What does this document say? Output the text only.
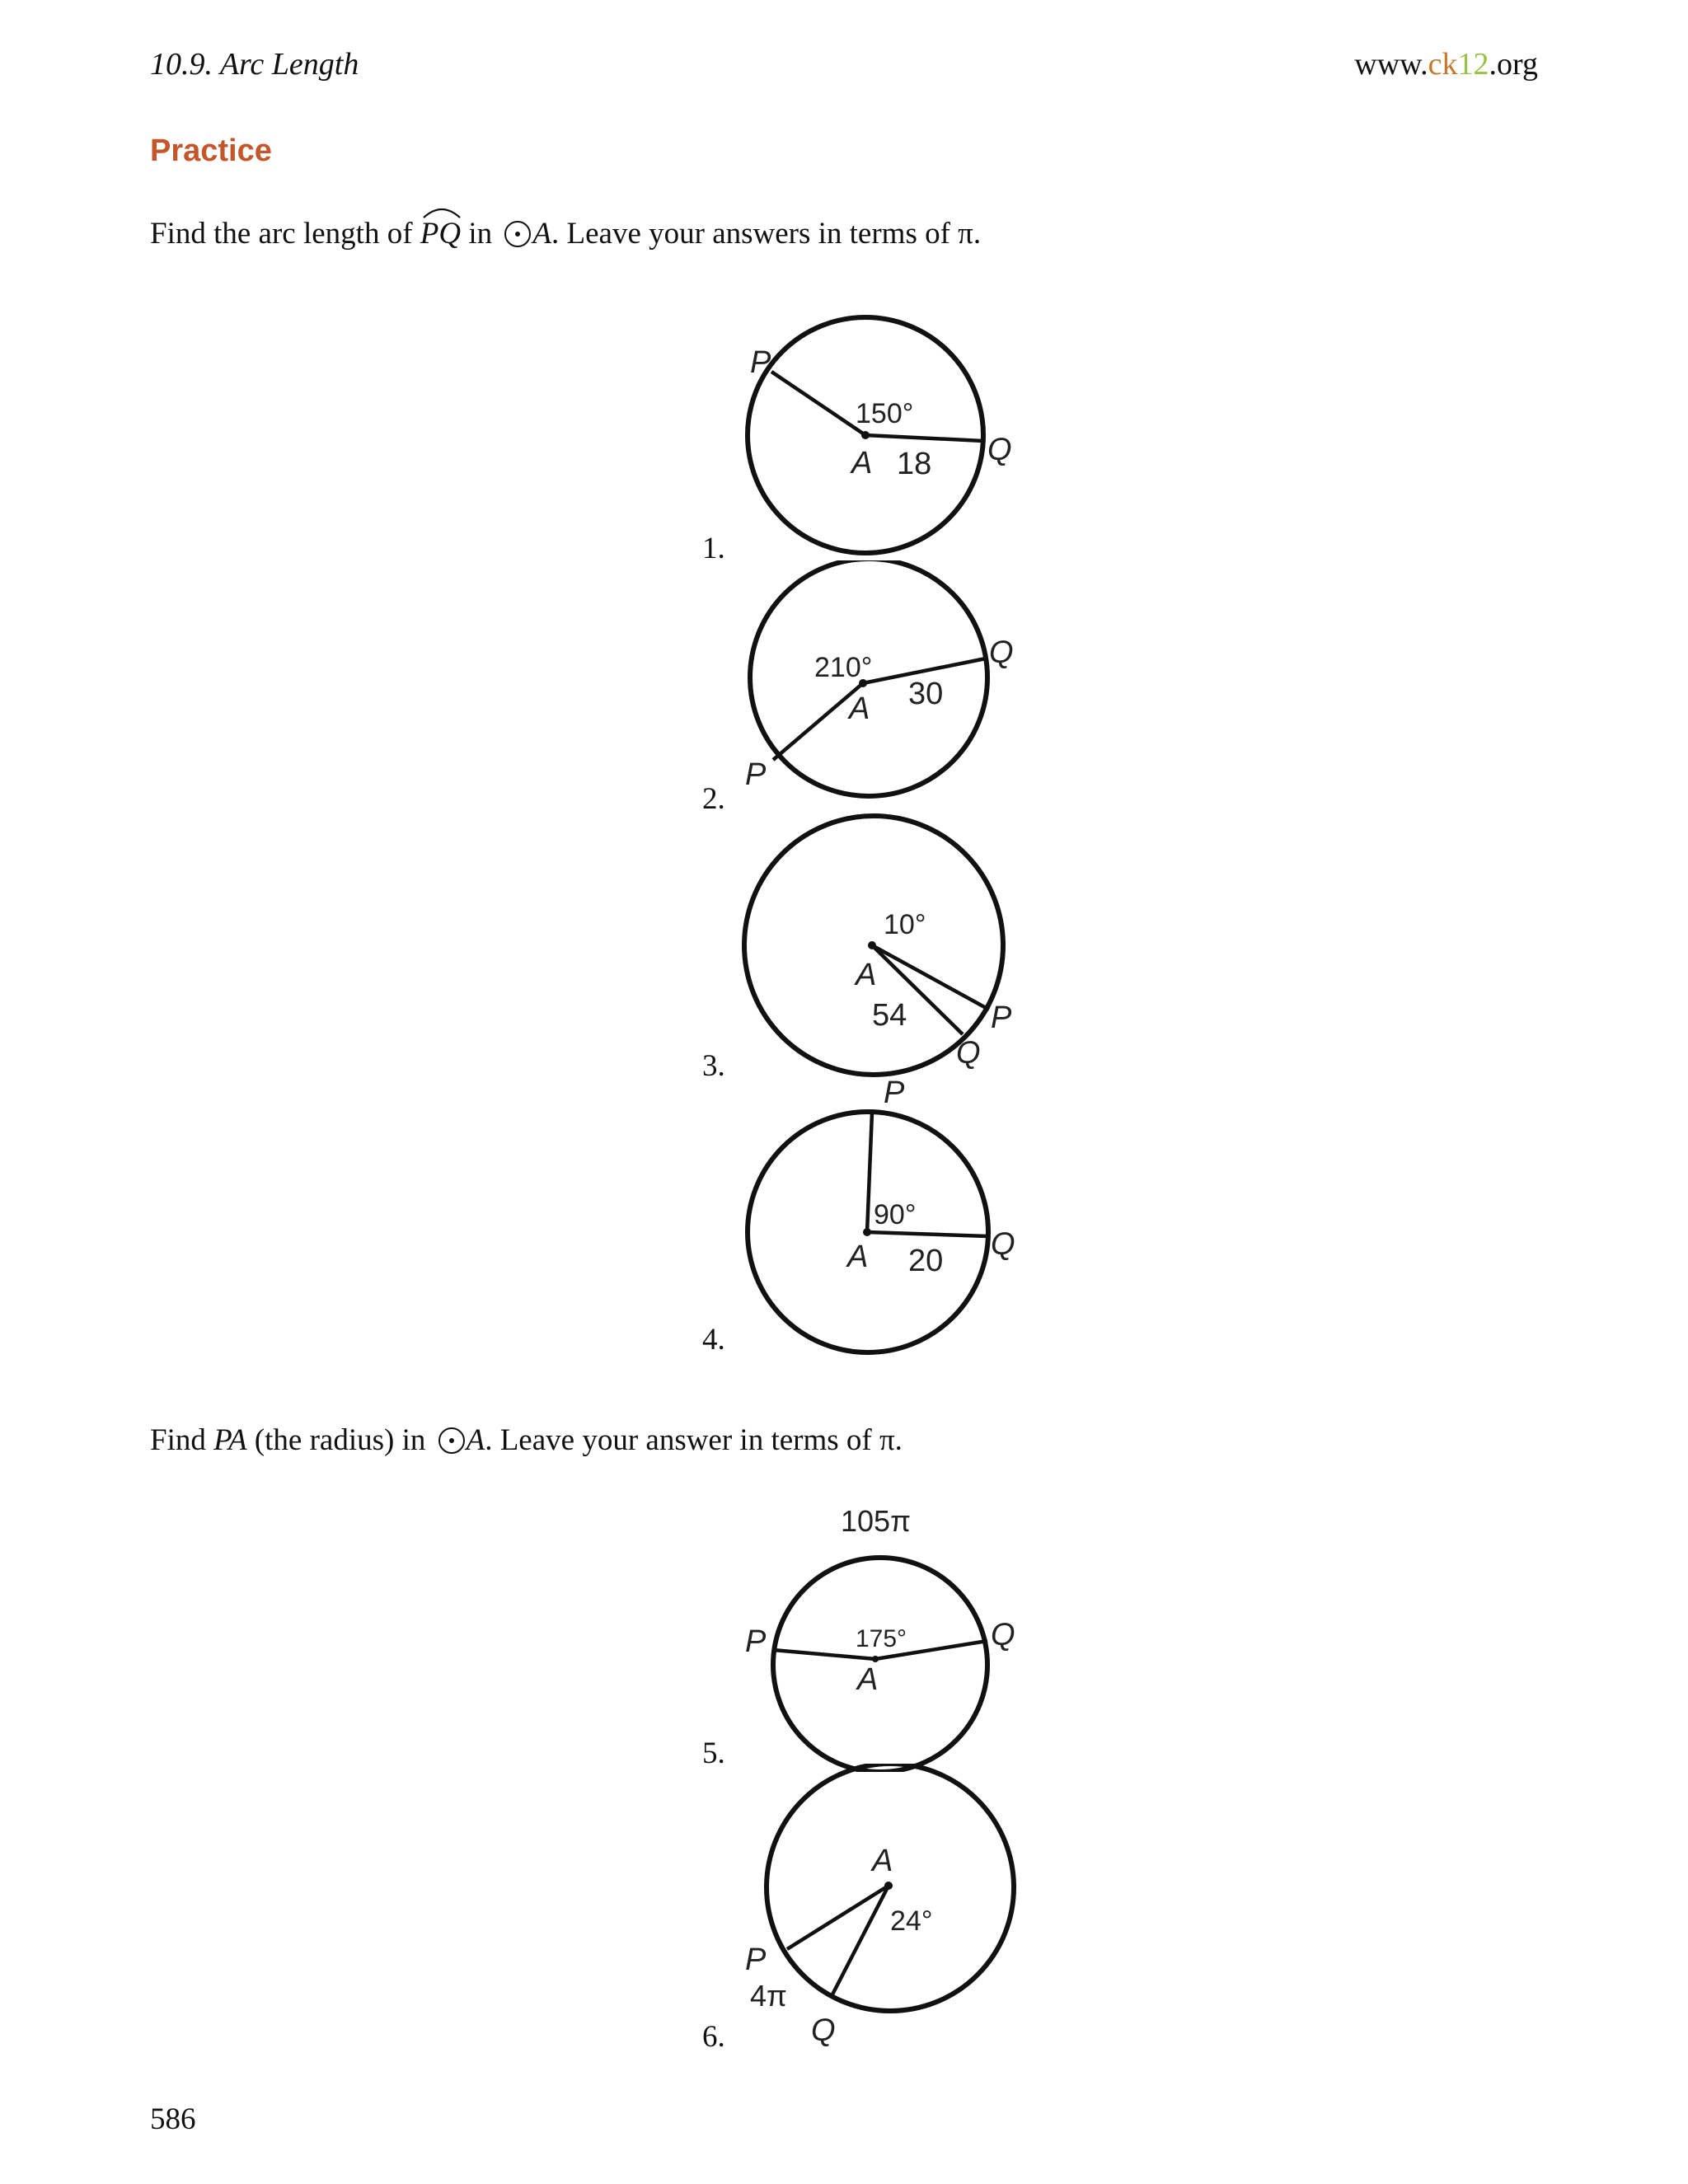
10.9. Arc Length	www.ck12.org
Practice
Find the arc length of
PQ in A. Leave your answers in terms of π.
1.
P
Q
A
150°
18
2.
Q
P
A
210°
30
3.
P
Q
A
10°
54
4.
P
Q
A
90°
20
Find PA (the radius) in A. Leave your answer in terms of π.
5.
105π
P	Q
A
175°
6.
A
24°
P
4π
Q
586
